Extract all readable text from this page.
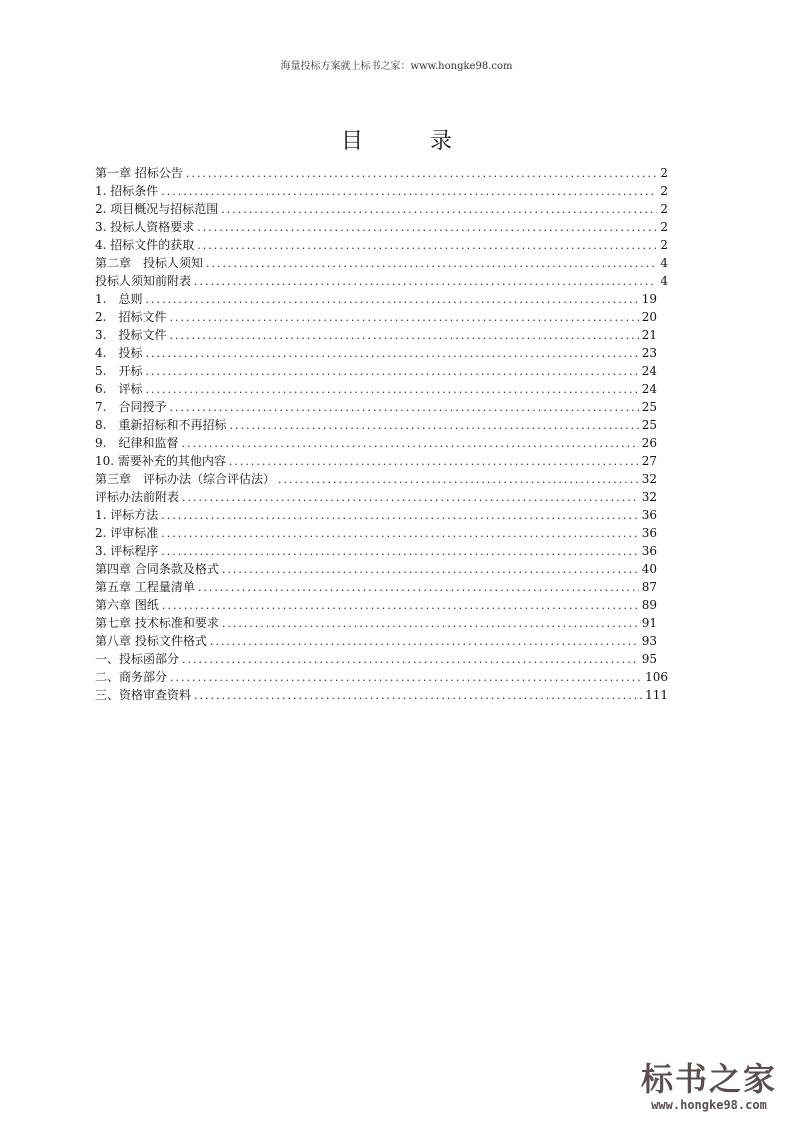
海量投标方案就上标书之家：www.hongke98.com
目 录
第一章 招标公告 .....	2
1. 招标条件 .....	2
2. 项目概况与招标范围 .....	2
3. 投标人资格要求 .....	2
4. 招标文件的获取 .....	2
第二章　投标人须知 .....	4
投标人须知前附表 .....	4
1.　总则 .....	19
2.　招标文件 .....	20
3.　投标文件 .....	21
4.　投标 .....	23
5.　开标 .....	24
6.　评标 .....	24
7.　合同授予 .....	25
8.　重新招标和不再招标 .....	25
9.　纪律和监督 .....	26
10. 需要补充的其他内容 .....	27
第三章　评标办法（综合评估法） .....	32
评标办法前附表 .....	32
1. 评标方法 .....	36
2. 评审标准 .....	36
3. 评标程序 .....	36
第四章 合同条款及格式 .....	40
第五章 工程量清单 .....	87
第六章 图纸 .....	89
第七章 技术标准和要求 .....	91
第八章 投标文件格式 .....	93
一、投标函部分 .....	95
二、商务部分 .....	106
三、资格审查资料 .....	111
标书之家
www.hongke98.com
